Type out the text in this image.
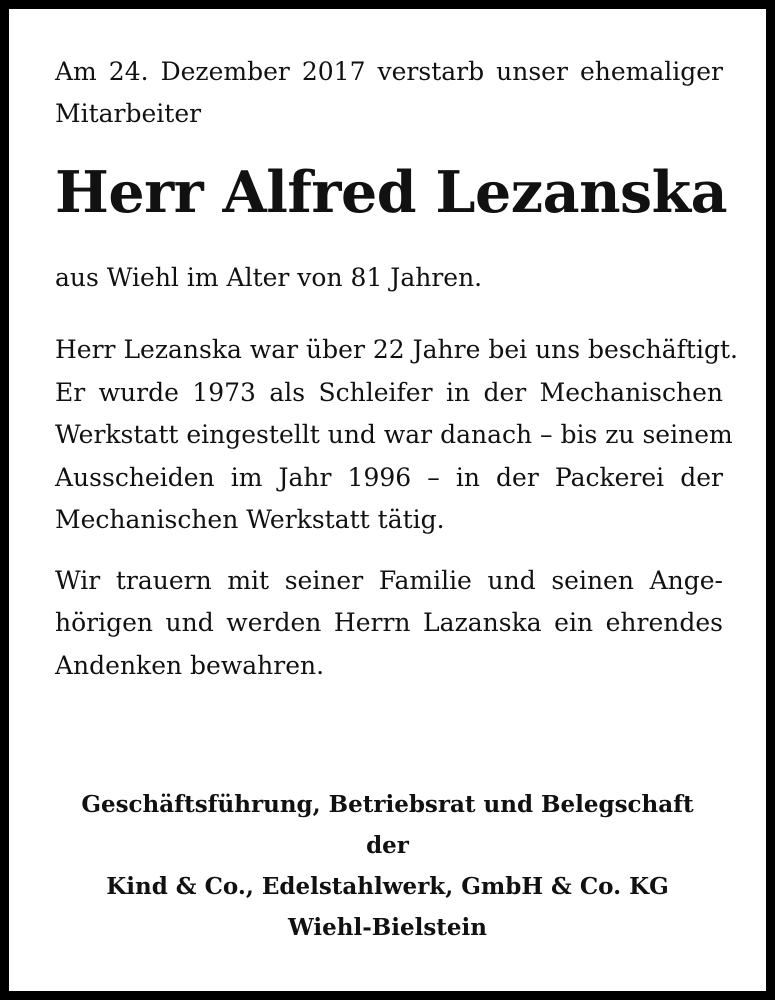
Am 24. Dezember 2017 verstarb unser ehemaliger
Mitarbeiter

Herr Alfred Lezanska

aus Wiehl im Alter von 81 Jahren.

Herr Lezanska war über 22 Jahre bei uns beschäftigt.
Er wurde 1973 als Schleifer in der Mechanischen
Werkstatt eingestellt und war danach – bis zu seinem
Ausscheiden im Jahr 1996 – in der Packerei der
Mechanischen Werkstatt tätig.

Wir trauern mit seiner Familie und seinen Ange-
hörigen und werden Herrn Lazanska ein ehrendes
Andenken bewahren.

Geschäftsführung, Betriebsrat und Belegschaft
der
Kind & Co., Edelstahlwerk, GmbH & Co. KG
Wiehl-Bielstein
